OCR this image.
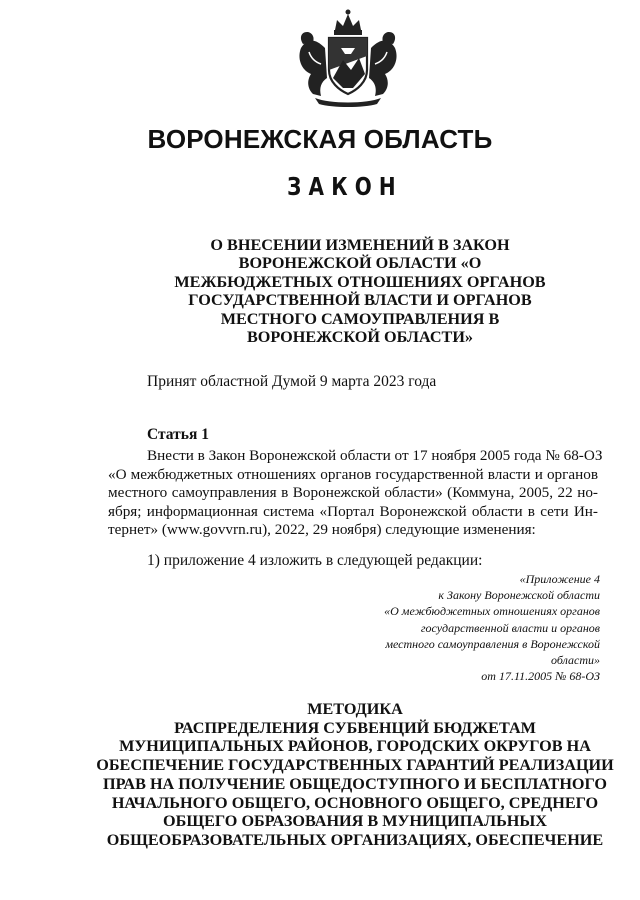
ВОРОНЕЖСКАЯ ОБЛАСТЬ
ЗАКОН
О ВНЕСЕНИИ ИЗМЕНЕНИЙ В ЗАКОН
ВОРОНЕЖСКОЙ ОБЛАСТИ «О
МЕЖБЮДЖЕТНЫХ ОТНОШЕНИЯХ ОРГАНОВ
ГОСУДАРСТВЕННОЙ ВЛАСТИ И ОРГАНОВ
МЕСТНОГО САМОУПРАВЛЕНИЯ В
ВОРОНЕЖСКОЙ ОБЛАСТИ»
Принят областной Думой 9 марта 2023 года
Статья 1
Внести в Закон Воронежской области от 17 ноября 2005 года № 68-ОЗ
«О межбюджетных отношениях органов государственной власти и органов
местного самоуправления в Воронежской области» (Коммуна, 2005, 22 но-
ября; информационная система «Портал Воронежской области в сети Ин-
тернет» (www.govvrn.ru), 2022, 29 ноября) следующие изменения:
1) приложение 4 изложить в следующей редакции:
«Приложение 4
к Закону Воронежской области
«О межбюджетных отношениях органов
государственной власти и органов
местного самоуправления в Воронежской
области»
от 17.11.2005 № 68-ОЗ
МЕТОДИКА
РАСПРЕДЕЛЕНИЯ СУБВЕНЦИЙ БЮДЖЕТАМ
МУНИЦИПАЛЬНЫХ РАЙОНОВ, ГОРОДСКИХ ОКРУГОВ НА
ОБЕСПЕЧЕНИЕ ГОСУДАРСТВЕННЫХ ГАРАНТИЙ РЕАЛИЗАЦИИ
ПРАВ НА ПОЛУЧЕНИЕ ОБЩЕДОСТУПНОГО И БЕСПЛАТНОГО
НАЧАЛЬНОГО ОБЩЕГО, ОСНОВНОГО ОБЩЕГО, СРЕДНЕГО
ОБЩЕГО ОБРАЗОВАНИЯ В МУНИЦИПАЛЬНЫХ
ОБЩЕОБРАЗОВАТЕЛЬНЫХ ОРГАНИЗАЦИЯХ, ОБЕСПЕЧЕНИЕ
